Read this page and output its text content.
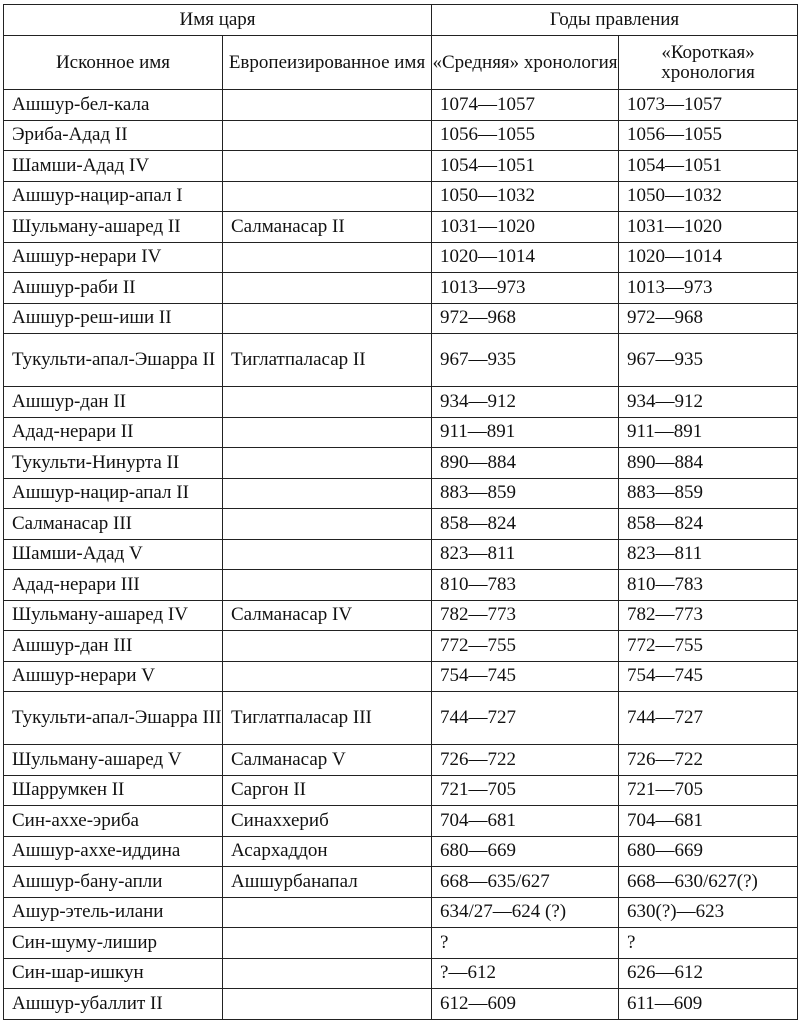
Имя царя		Годы правления	
Исконное имя	Европеизированное имя	«Средняя» хронология	«Короткая» хронология
Ашшур-бел-кала		1074—1057	1073—1057
Эриба-Адад II		1056—1055	1056—1055
Шамши-Адад IV		1054—1051	1054—1051
Ашшур-нацир-апал I		1050—1032	1050—1032
Шульману-ашаред II	Салманасар II	1031—1020	1031—1020
Ашшур-нерари IV		1020—1014	1020—1014
Ашшур-раби II		1013—973	1013—973
Ашшур-реш-иши II		972—968	972—968
Тукульти-апал-Эшарра II	Тиглатпаласар II	967—935	967—935
Ашшур-дан II		934—912	934—912
Адад-нерари II		911—891	911—891
Тукульти-Нинурта II		890—884	890—884
Ашшур-нацир-апал II		883—859	883—859
Салманасар III		858—824	858—824
Шамши-Адад V		823—811	823—811
Адад-нерари III		810—783	810—783
Шульману-ашаред IV	Салманасар IV	782—773	782—773
Ашшур-дан III		772—755	772—755
Ашшур-нерари V		754—745	754—745
Тукульти-апал-Эшарра III	Тиглатпаласар III	744—727	744—727
Шульману-ашаред V	Салманасар V	726—722	726—722
Шаррумкен II	Саргон II	721—705	721—705
Син-аххе-эриба	Синаххериб	704—681	704—681
Ашшур-аххе-иддина	Асархаддон	680—669	680—669
Ашшур-бану-апли	Ашшурбанапал	668—635/627	668—630/627(?)
Ашур-этель-илани		634/27—624 (?)	630(?)—623
Син-шуму-лишир		?	?
Син-шар-ишкун		?—612	626—612
Ашшур-убаллит II		612—609	611—609
